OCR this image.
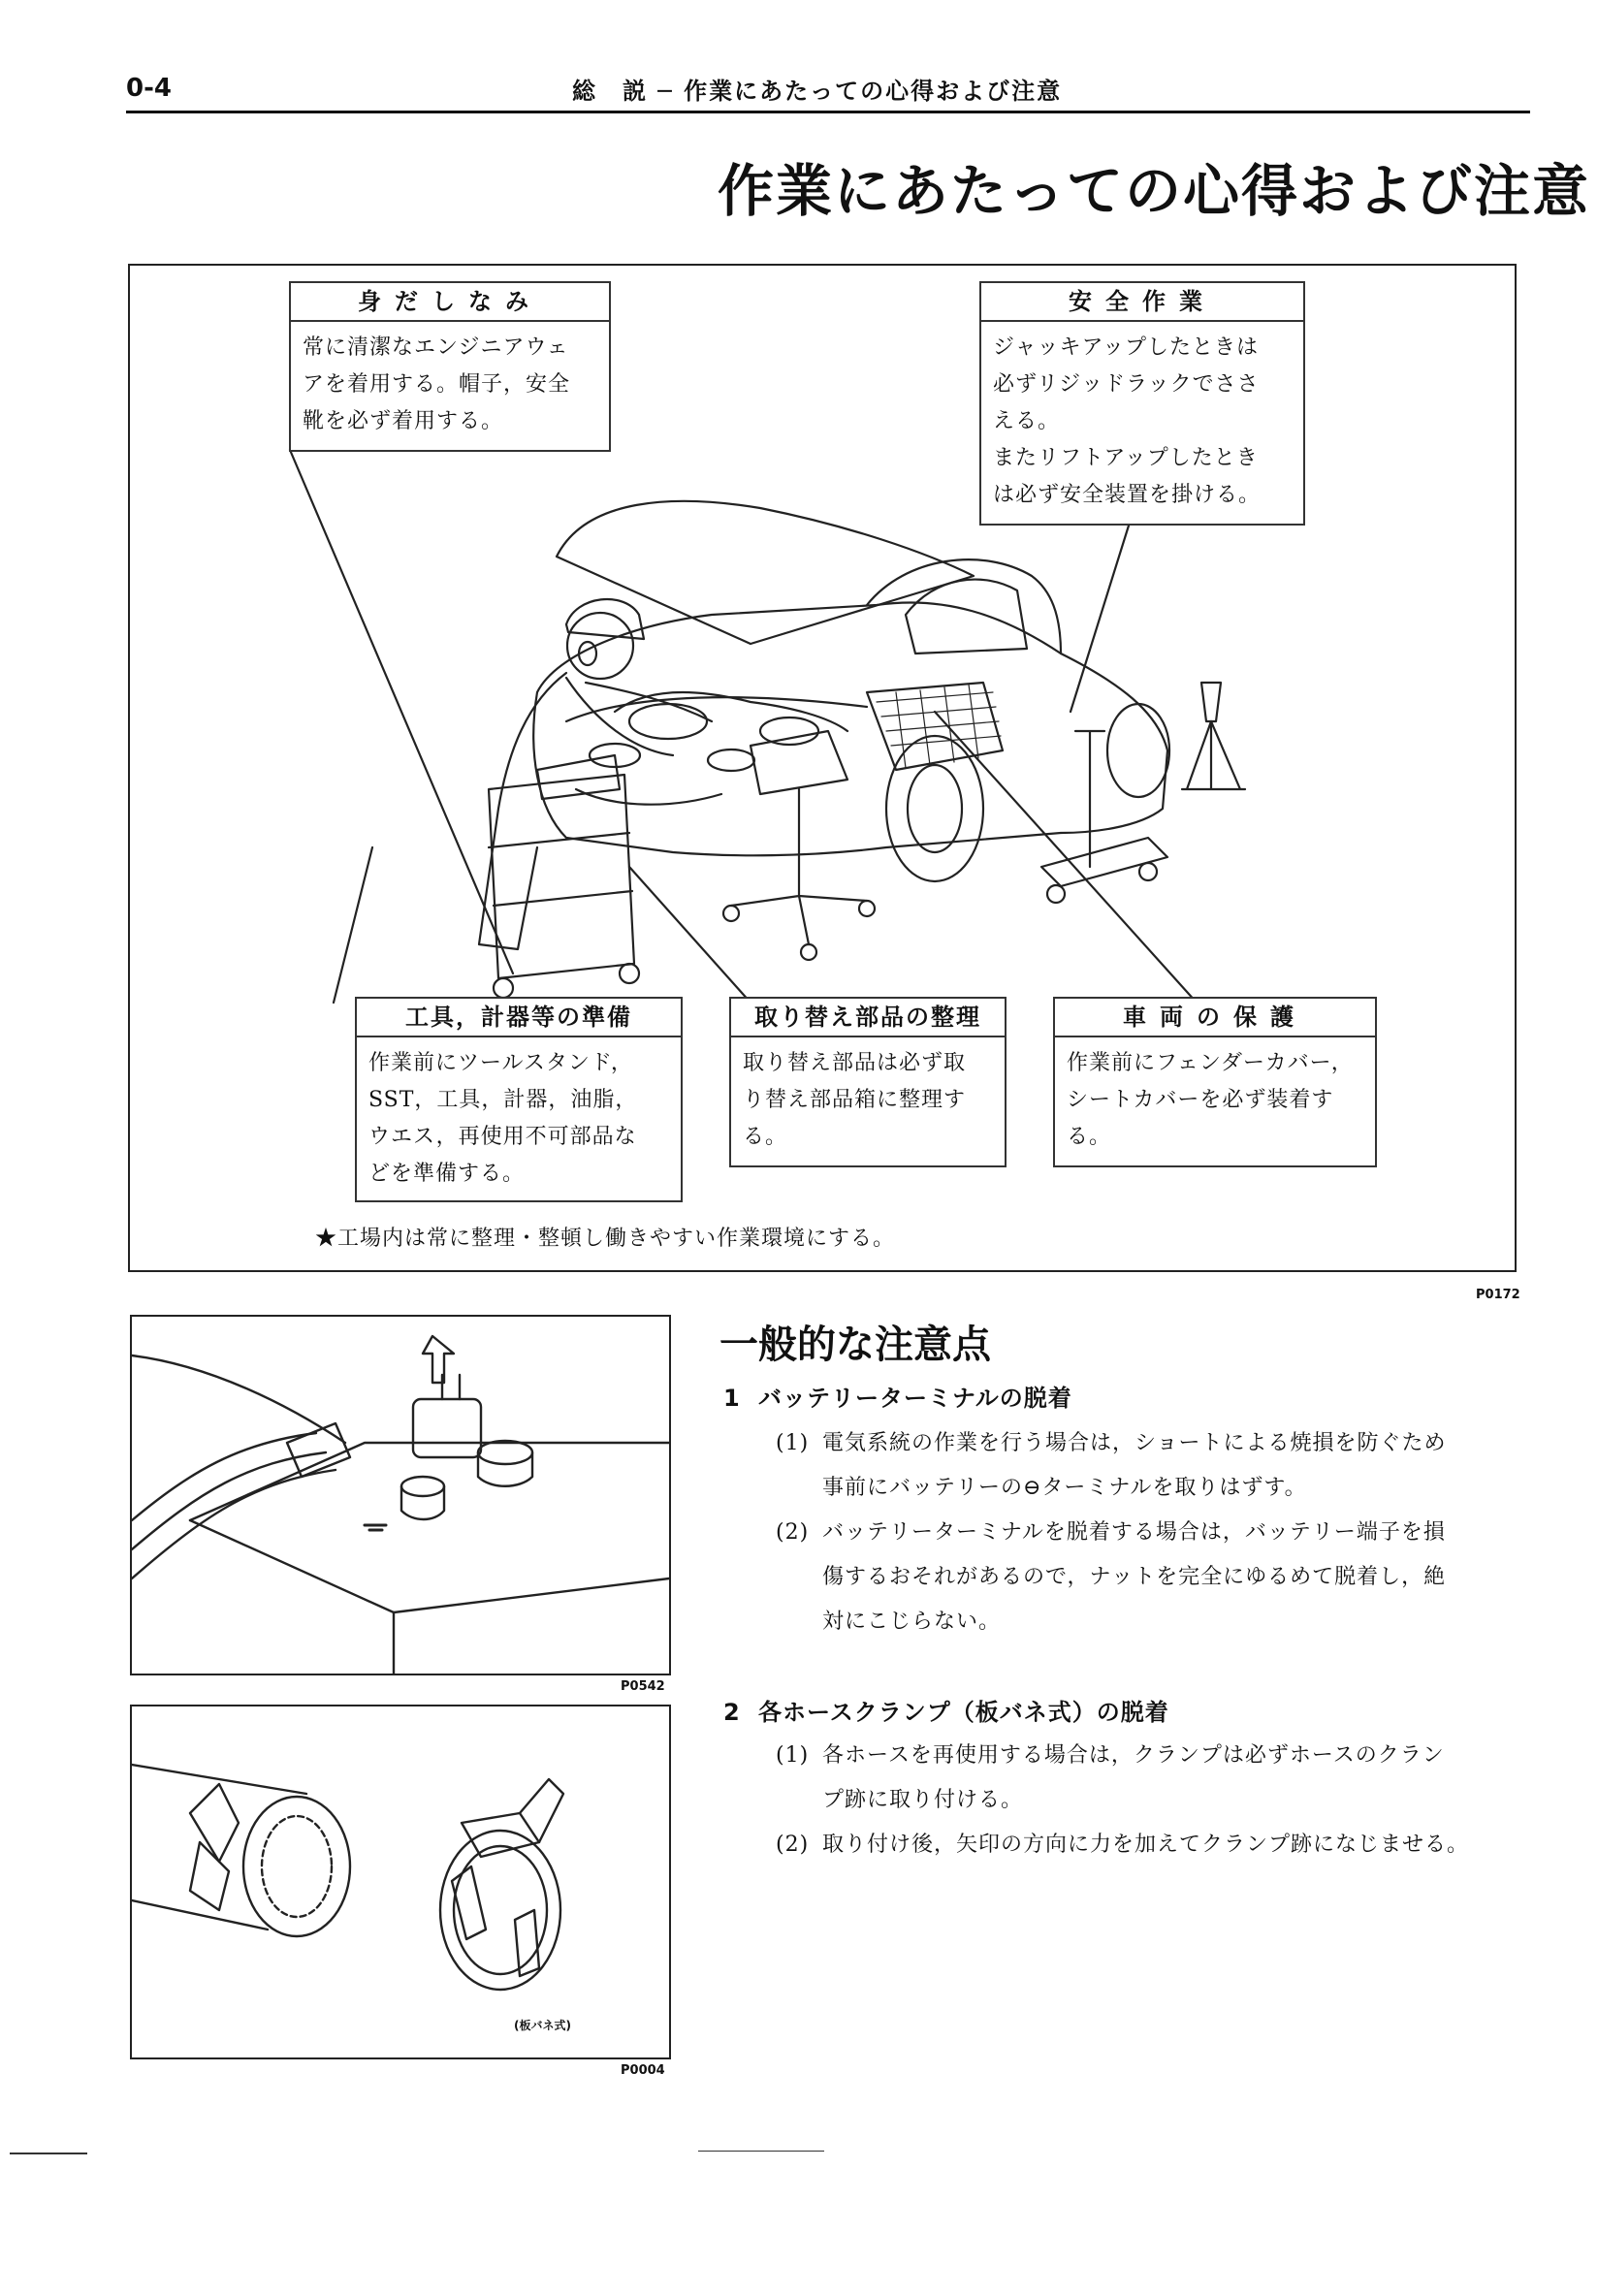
0-4	総　説 ─ 作業にあたっての心得および注意
作業にあたっての心得および注意
身だしなみ
常に清潔なエンジニアウェ
アを着用する。帽子，安全
靴を必ず着用する。
安全作業
ジャッキアップしたときは
必ずリジッドラックでささ
える。
またリフトアップしたとき
は必ず安全装置を掛ける。
工具，計器等の準備
作業前にツールスタンド，
SST，工具，計器，油脂，
ウエス，再使用不可部品な
どを準備する。
取り替え部品の整理
取り替え部品は必ず取
り替え部品箱に整理す
る。
車両の保護
作業前にフェンダーカバー，
シートカバーを必ず装着す
る。
★工場内は常に整理・整頓し働きやすい作業環境にする。
P0172
P0542
(板バネ式)
P0004
一般的な注意点
1 バッテリーターミナルの脱着
(1) 電気系統の作業を行う場合は，ショートによる焼損を防ぐため
事前にバッテリーの⊖ターミナルを取りはずす。
(2) バッテリーターミナルを脱着する場合は，バッテリー端子を損
傷するおそれがあるので，ナットを完全にゆるめて脱着し，絶
対にこじらない。
2 各ホースクランプ（板バネ式）の脱着
(1) 各ホースを再使用する場合は，クランプは必ずホースのクラン
プ跡に取り付ける。
(2) 取り付け後，矢印の方向に力を加えてクランプ跡になじませる。
